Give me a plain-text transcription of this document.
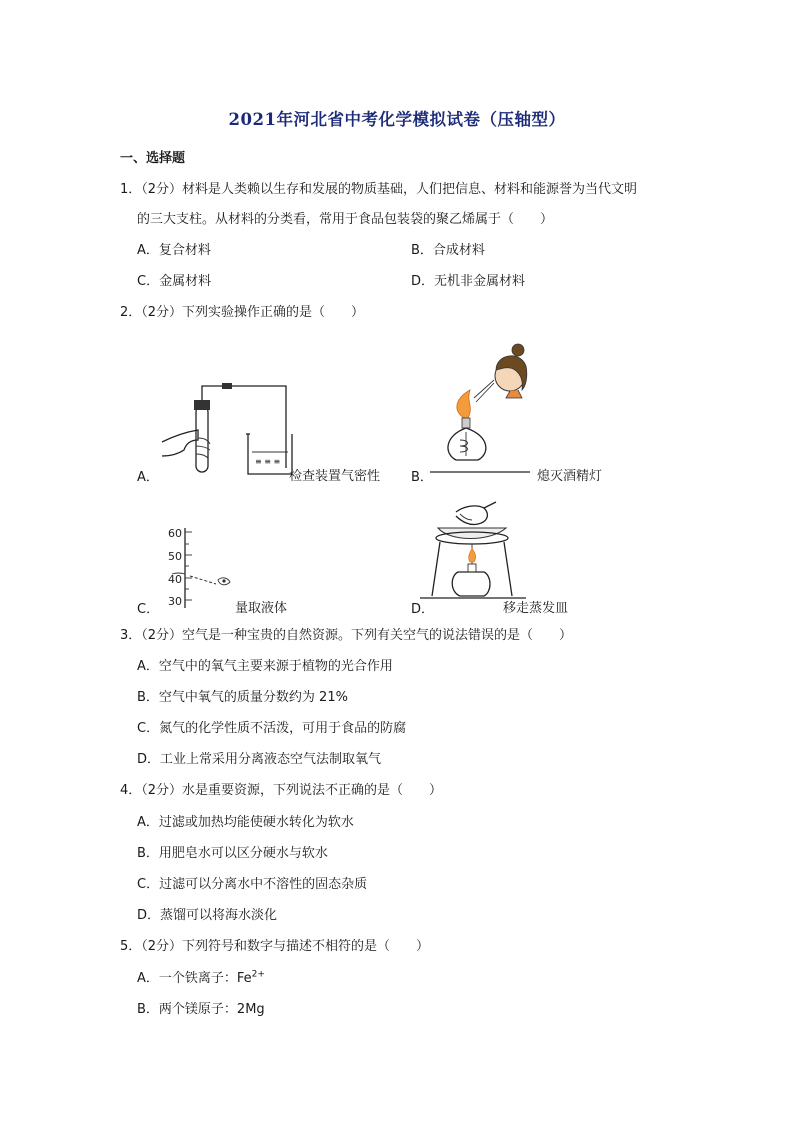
2021年河北省中考化学模拟试卷（压轴型）
一、选择题
1．（2分）材料是人类赖以生存和发展的物质基础，人们把信息、材料和能源誉为当代文明
的三大支柱。从材料的分类看，常用于食品包装袋的聚乙烯属于（　　）
A．复合材料	B．合成材料
C．金属材料	D．无机非金属材料
2．（2分）下列实验操作正确的是（　　）
≡ ≡ ≡
A．	检查装置气密性 B．	熄灭酒精灯
60
50
40
30
C．	量取液体	D．	移走蒸发皿
3．（2分）空气是一种宝贵的自然资源。下列有关空气的说法错误的是（　　）
A．空气中的氧气主要来源于植物的光合作用
B．空气中氧气的质量分数约为 21%
C．氮气的化学性质不活泼，可用于食品的防腐
D．工业上常采用分离液态空气法制取氧气
4．（2分）水是重要资源，下列说法不正确的是（　　）
A．过滤或加热均能使硬水转化为软水
B．用肥皂水可以区分硬水与软水
C．过滤可以分离水中不溶性的固态杂质
D．蒸馏可以将海水淡化
5．（2分）下列符号和数字与描述不相符的是（　　）
A．一个铁离子：$Fe^{2+}$
B．两个镁原子：2Mg
